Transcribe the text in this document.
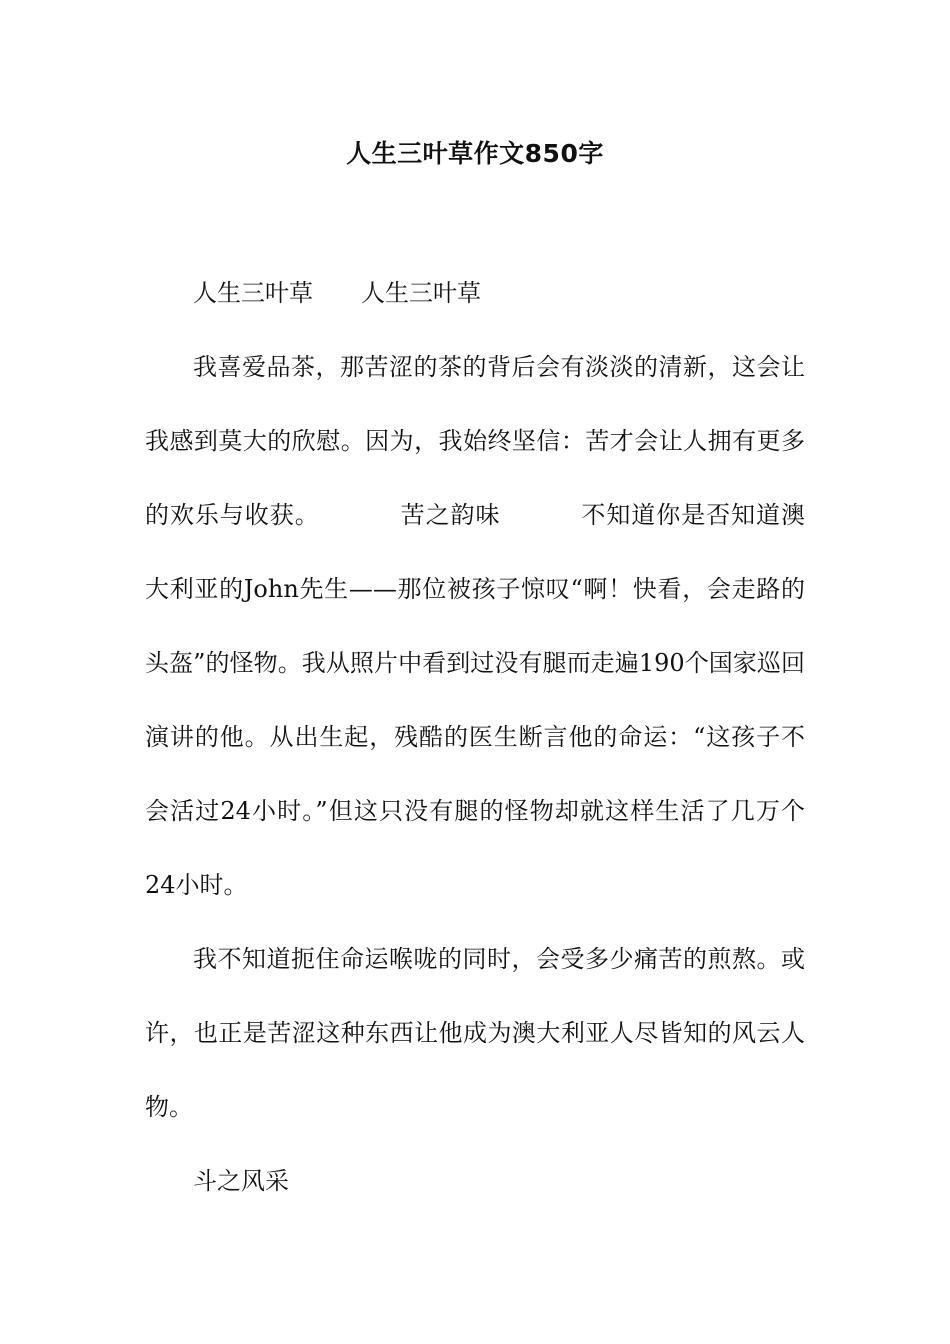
人生三叶草作文850字

人生三叶草 人生三叶草

我喜爱品茶，那苦涩的茶的背后会有淡淡的清新，这会让我感到莫大的欣慰。因为，我始终坚信：苦才会让人拥有更多的欢乐与收获。	苦之韵味	不知道你是否知道澳大利亚的John先生——那位被孩子惊叹“啊！快看，会走路的头盔”的怪物。我从照片中看到过没有腿而走遍190个国家巡回演讲的他。从出生起，残酷的医生断言他的命运：“这孩子不会活过24小时。”但这只没有腿的怪物却就这样生活了几万个24小时。

我不知道扼住命运喉咙的同时，会受多少痛苦的煎熬。或许，也正是苦涩这种东西让他成为澳大利亚人尽皆知的风云人物。

斗之风采
